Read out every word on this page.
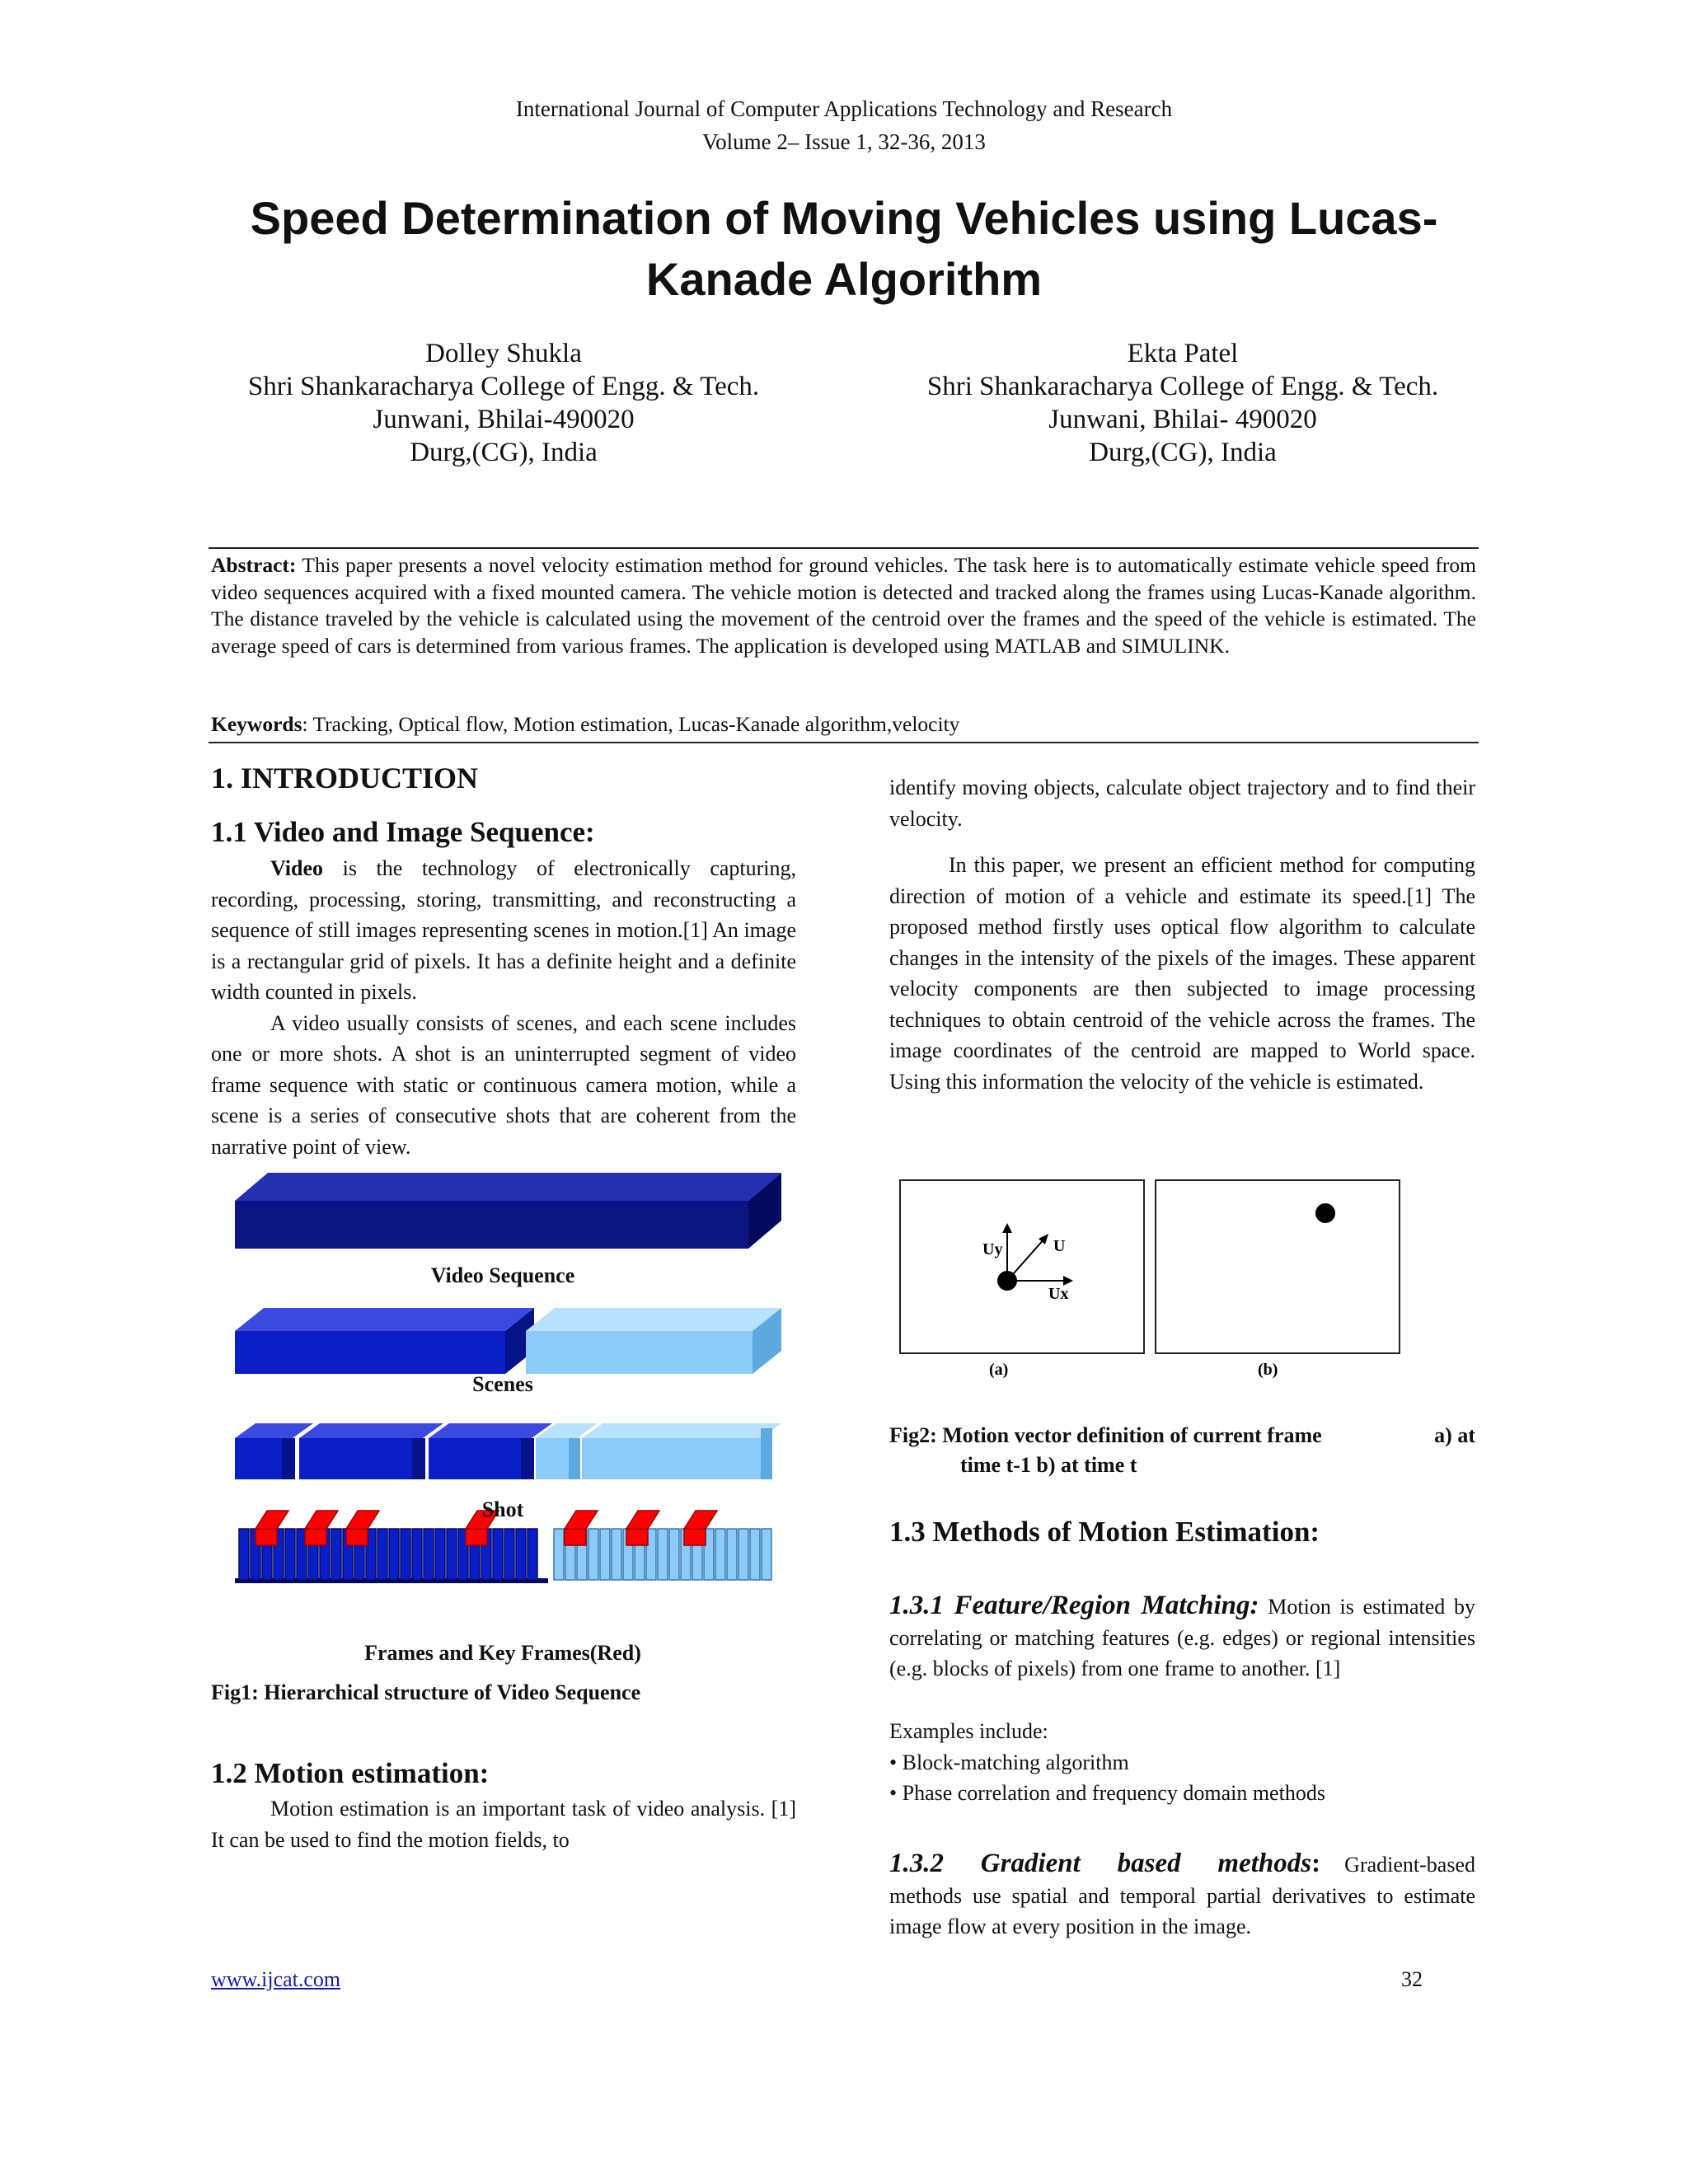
International Journal of Computer Applications Technology and Research
Volume 2– Issue 1, 32-36, 2013
Speed Determination of Moving Vehicles using Lucas-
Kanade Algorithm
Dolley Shukla
Shri Shankaracharya College of Engg. & Tech.
Junwani, Bhilai-490020
Durg,(CG), India
Ekta Patel
Shri Shankaracharya College of Engg. & Tech.
Junwani, Bhilai- 490020
Durg,(CG), India
Abstract: This paper presents a novel velocity estimation method for ground vehicles. The task here is to automatically estimate vehicle speed from video sequences acquired with a fixed mounted camera. The vehicle motion is detected and tracked along the frames using Lucas-Kanade algorithm. The distance traveled by the vehicle is calculated using the movement of the centroid over the frames and the speed of the vehicle is estimated. The average speed of cars is determined from various frames. The application is developed using MATLAB and SIMULINK.
Keywords: Tracking, Optical flow, Motion estimation, Lucas-Kanade algorithm,velocity
1. INTRODUCTION
1.1 Video and Image Sequence:
Video is the technology of electronically capturing, recording, processing, storing, transmitting, and reconstructing a sequence of still images representing scenes in motion.[1] An image is a rectangular grid of pixels. It has a definite height and a definite width counted in pixels.
A video usually consists of scenes, and each scene includes one or more shots. A shot is an uninterrupted segment of video frame sequence with static or continuous camera motion, while a scene is a series of consecutive shots that are coherent from the narrative point of view.
Video Sequence
Scenes
Shot
Frames and Key Frames(Red)
Fig1: Hierarchical structure of Video Sequence
1.2 Motion estimation:
Motion estimation is an important task of video analysis. [1] It can be used to find the motion fields, to
identify moving objects, calculate object trajectory and to find their velocity.
In this paper, we present an efficient method for computing direction of motion of a vehicle and estimate its speed.[1] The proposed method firstly uses optical flow algorithm to calculate changes in the intensity of the pixels of the images. These apparent velocity components are then subjected to image processing techniques to obtain centroid of the vehicle across the frames. The image coordinates of the centroid are mapped to World space. Using this information the velocity of the vehicle is estimated.
Uy	U
Ux
(a)	(b)
Fig2: Motion vector definition of current frame	a) at
time t-1 b) at time t
1.3 Methods of Motion Estimation:
1.3.1 Feature/Region Matching: Motion is estimated by correlating or matching features (e.g. edges) or regional intensities (e.g. blocks of pixels) from one frame to another. [1]
Examples include:
• Block-matching algorithm
• Phase correlation and frequency domain methods
1.3.2 Gradient based methods: Gradient-based methods use spatial and temporal partial derivatives to estimate image flow at every position in the image.
www.ijcat.com	32
